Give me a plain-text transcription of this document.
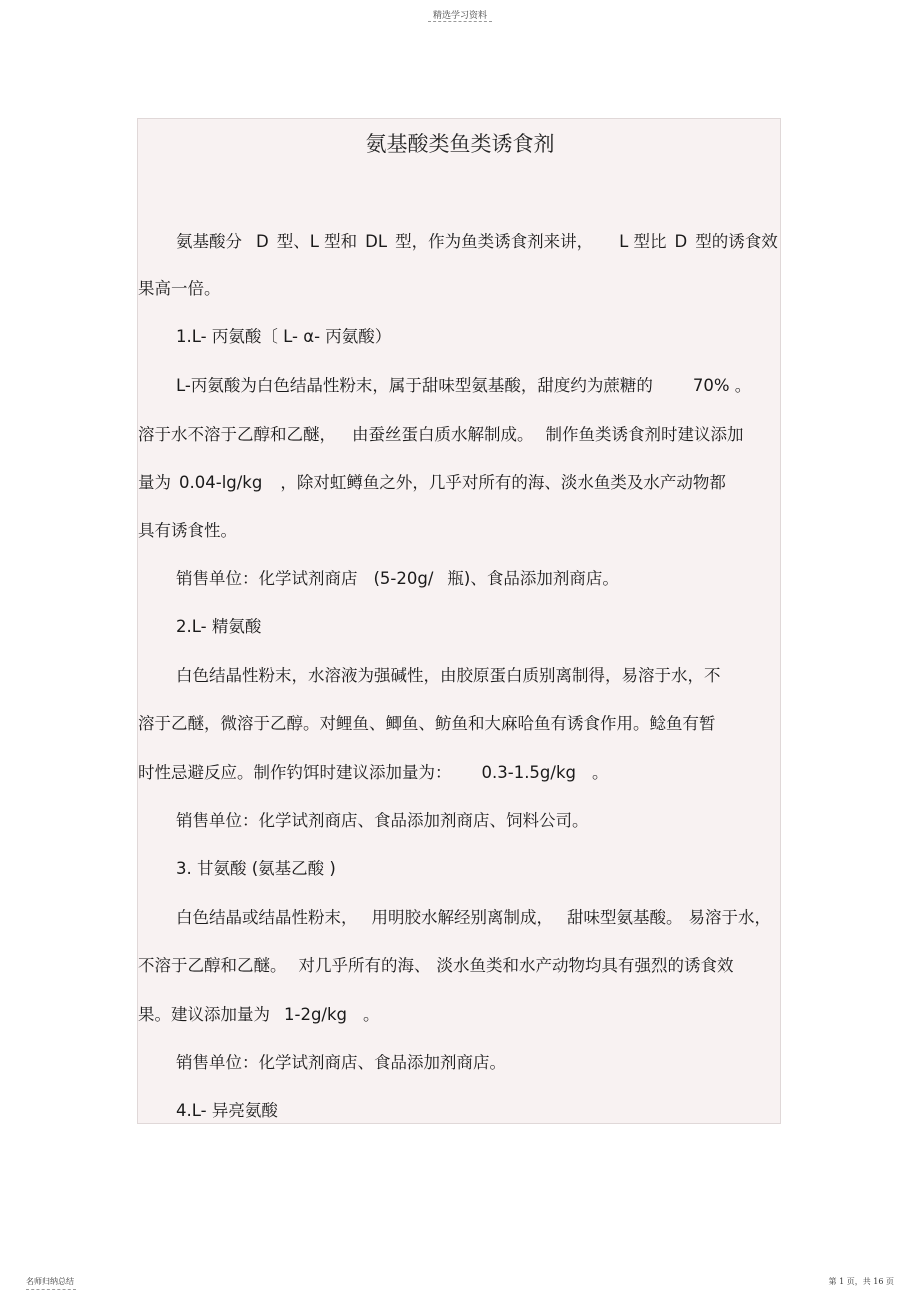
精选学习资料
氨基酸类鱼类诱食剂
氨基酸分 D 型、L 型和 DL 型，作为鱼类诱食剂来讲， L 型比 D 型的诱食效
果高一倍。
1.L- 丙氨酸〔 L- α- 丙氨酸）
L-丙氨酸为白色结晶性粉末，属于甜味型氨基酸，甜度约为蔗糖的 70% 。
溶于水不溶于乙醇和乙醚， 由蚕丝蛋白质水解制成。 制作鱼类诱食剂时建议添加
量为 0.04-lg/kg ，除对虹鳟鱼之外，几乎对所有的海、淡水鱼类及水产动物都
具有诱食性。
销售单位：化学试剂商店 (5-20g/ 瓶)、食品添加剂商店。
2.L- 精氨酸
白色结晶性粉末，水溶液为强碱性，由胶原蛋白质别离制得，易溶于水，不
溶于乙醚，微溶于乙醇。对鲤鱼、鲫鱼、鲂鱼和大麻哈鱼有诱食作用。鲶鱼有暂
时性忌避反应。制作钓饵时建议添加量为： 0.3-1.5g/kg 。
销售单位：化学试剂商店、食品添加剂商店、饲料公司。
3. 甘氨酸 (氨基乙酸 )
白色结晶或结晶性粉末， 用明胶水解经别离制成， 甜味型氨基酸。 易溶于水，
不溶于乙醇和乙醚。 对几乎所有的海、 淡水鱼类和水产动物均具有强烈的诱食效
果。建议添加量为 1-2g/kg 。
销售单位：化学试剂商店、食品添加剂商店。
4.L- 异亮氨酸
名师归纳总结	第 1 页，共 16 页
